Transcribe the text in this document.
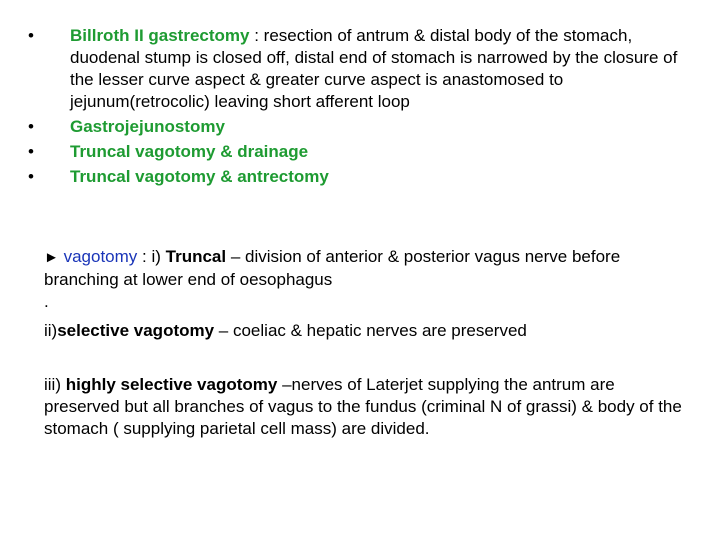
•	Billroth II gastrectomy : resection of antrum & distal body of the stomach, duodenal stump is closed off, distal end of stomach is narrowed by the closure of the lesser curve aspect & greater curve aspect is anastomosed to jejunum(retrocolic) leaving short afferent loop
•	Gastrojejunostomy
•	Truncal vagotomy & drainage
•	Truncal vagotomy & antrectomy

► vagotomy : i) Truncal – division of anterior & posterior vagus nerve before branching at lower end of oesophagus
.

ii)selective vagotomy – coeliac & hepatic nerves are preserved

iii) highly selective vagotomy –nerves of Laterjet supplying the antrum are preserved but all branches of vagus to the fundus (criminal N of grassi) & body of the stomach ( supplying parietal cell mass) are divided.
